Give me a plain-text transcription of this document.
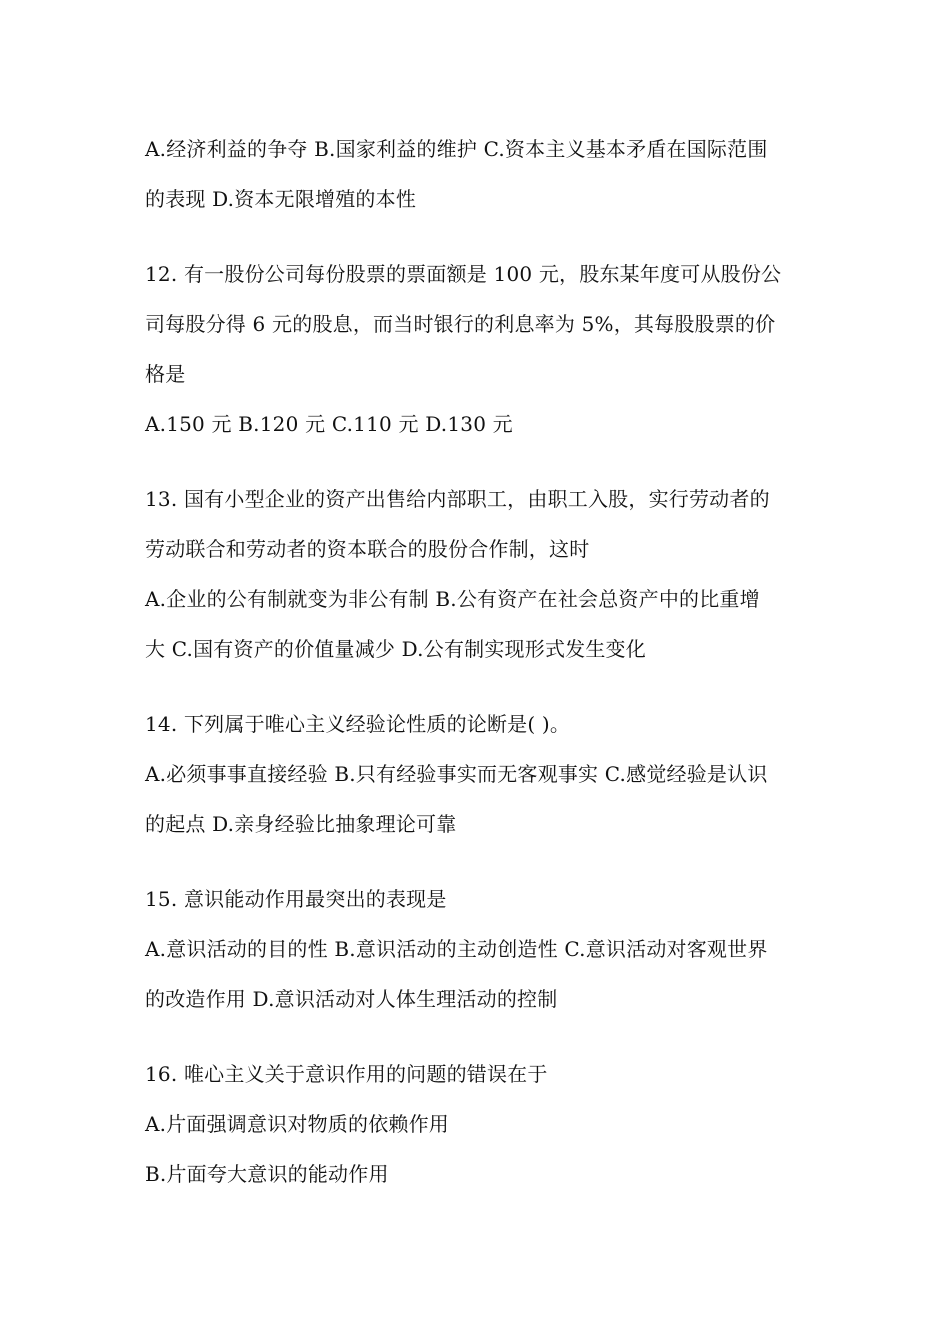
A.经济利益的争夺 B.国家利益的维护 C.资本主义基本矛盾在国际范围
的表现 D.资本无限增殖的本性
12. 有一股份公司每份股票的票面额是 100 元，股东某年度可从股份公
司每股分得 6 元的股息，而当时银行的利息率为 5%，其每股股票的价
格是
A.150 元 B.120 元 C.110 元 D.130 元
13. 国有小型企业的资产出售给内部职工，由职工入股，实行劳动者的
劳动联合和劳动者的资本联合的股份合作制，这时
A.企业的公有制就变为非公有制 B.公有资产在社会总资产中的比重增
大 C.国有资产的价值量减少 D.公有制实现形式发生变化
14. 下列属于唯心主义经验论性质的论断是( )。
A.必须事事直接经验 B.只有经验事实而无客观事实 C.感觉经验是认识
的起点 D.亲身经验比抽象理论可靠
15. 意识能动作用最突出的表现是
A.意识活动的目的性 B.意识活动的主动创造性 C.意识活动对客观世界
的改造作用 D.意识活动对人体生理活动的控制
16. 唯心主义关于意识作用的问题的错误在于
A.片面强调意识对物质的依赖作用
B.片面夸大意识的能动作用
